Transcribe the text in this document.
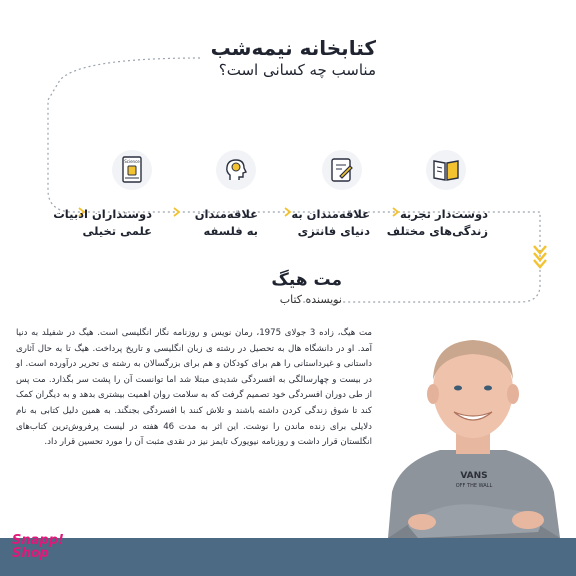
کتابخانه نیمه‌شب
مناسب چه کسانی است؟
Science
دوست‌دار تجربه
زندگی‌های مختلف
علاقه‌مندان به
دنیای فانتزی
علاقه‌مندان
به فلسفه
دوستداران ادبیات
علمی تخیلی
مت هیگ
نویسنده کتاب
مت هیگ، زاده 3 جولای 1975، رمان نویس و روزنامه نگار انگلیسی است. هیگ در شفیلد به دنیا آمد. او در دانشگاه هال به تحصیل در رشته ی زبان انگلیسی و تاریخ پرداخت. هیگ تا به حال آثاری داستانی و غیرداستانی را هم برای کودکان و هم برای بزرگسالان به رشته ی تحریر درآورده است. او در بیست و چهارسالگی به افسردگی شدیدی مبتلا شد اما توانست آن را پشت سر بگذارد. مت پس از طی دوران افسردگی خود تصمیم گرفت که به سلامت روان اهمیت بیشتری بدهد و به دیگران کمک کند تا شوق زندگی کردن داشته باشند و تلاش کنند با افسردگی بجنگند. به همین دلیل کتابی به نام دلایلی برای زنده ماندن را نوشت. این اثر به مدت 46 هفته در لیست پرفروش‌ترین کتاب‌های انگلستان قرار داشت و روزنامه نیویورک تایمز نیز در نقدی مثبت آن را مورد تحسین قرار داد.
VANS
OFF THE WALL
Snapp!
Shop
